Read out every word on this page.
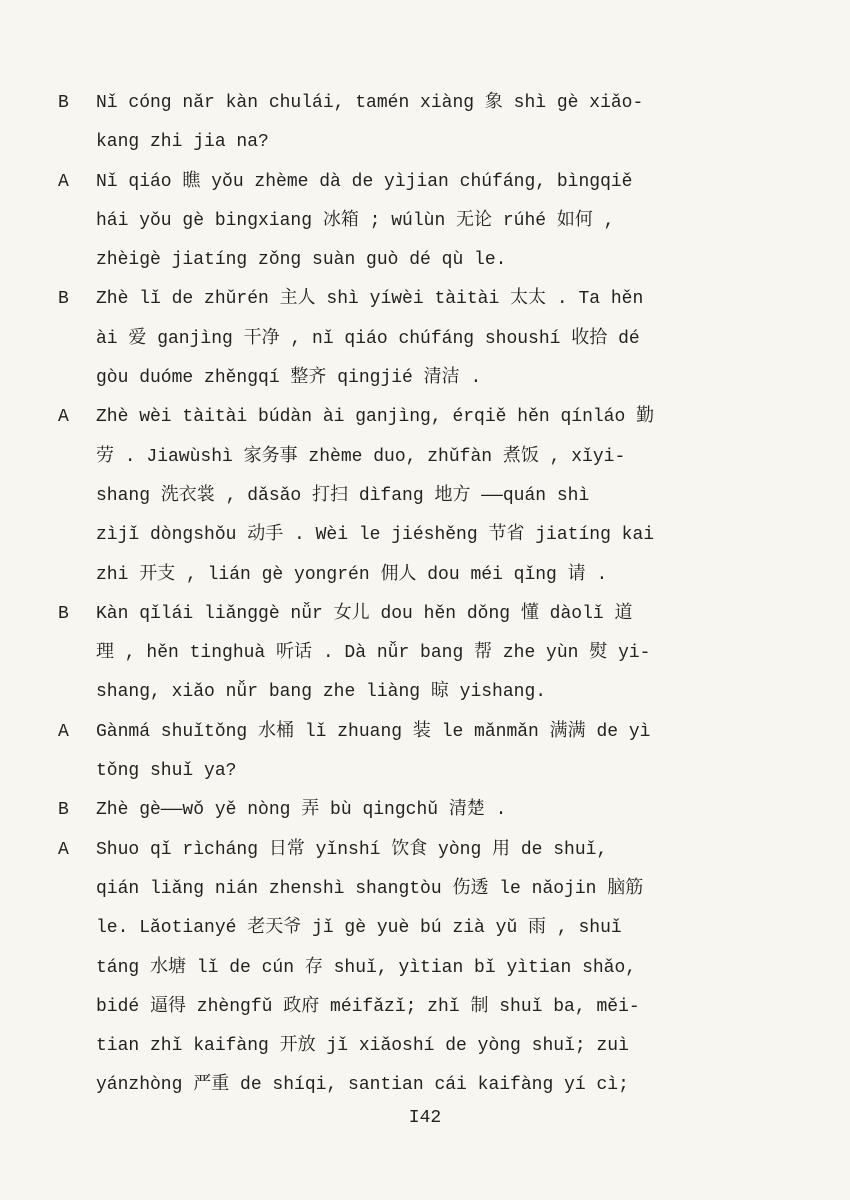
B	Nǐ cóng nǎr kàn chulái, tamén xiàng 象 shì gè xiǎo-
kang zhi jia na?
A	Nǐ qiáo 瞧 yǒu zhème dà de yìjian chúfáng, bìngqiě
hái yǒu gè bingxiang 冰箱 ; wúlùn 无论 rúhé 如何 ,
zhèigè jiatíng zǒng suàn guò dé qù le.
B	Zhè lǐ de zhǔrén 主人 shì yíwèi tàitài 太太 . Ta hěn
ài 爱 ganjìng 干净 , nǐ qiáo chúfáng shoushí 收拾 dé
gòu duóme zhěngqí 整齐 qingjié 清洁 .
A	Zhè wèi tàitài búdàn ài ganjìng, érqiě hěn qínláo 勤
劳 . Jiawùshì 家务事 zhème duo, zhǔfàn 煮饭 , xǐyi-
shang 洗衣裳 , dǎsǎo 打扫 dìfang 地方 ——quán shì
zìjǐ dòngshǒu 动手 . Wèi le jiéshěng 节省 jiatíng kai
zhi 开支 , lián gè yongrén 佣人 dou méi qǐng 请 .
B	Kàn qǐlái liǎnggè nǚr 女儿 dou hěn dǒng 懂 dàolǐ 道
理 , hěn tinghuà 听话 . Dà nǚr bang 帮 zhe yùn 熨 yi-
shang, xiǎo nǚr bang zhe liàng 晾 yishang.
A	Gànmá shuǐtǒng 水桶 lǐ zhuang 装 le mǎnmǎn 满满 de yì
tǒng shuǐ ya?
B	Zhè gè——wǒ yě nòng 弄 bù qingchǔ 清楚 .
A	Shuo qǐ rìcháng 日常 yǐnshí 饮食 yòng 用 de shuǐ,
qián liǎng nián zhenshì shangtòu 伤透 le nǎojin 脑筋
le. Lǎotianyé 老天爷 jǐ gè yuè bú zià yǔ 雨 , shuǐ
táng 水塘 lǐ de cún 存 shuǐ, yìtian bǐ yìtian shǎo,
bidé 逼得 zhèngfǔ 政府 méifǎzǐ; zhǐ 制 shuǐ ba, měi-
tian zhǐ kaifàng 开放 jǐ xiǎoshí de yòng shuǐ; zuì
yánzhòng 严重 de shíqi, santian cái kaifàng yí cì;
I42
